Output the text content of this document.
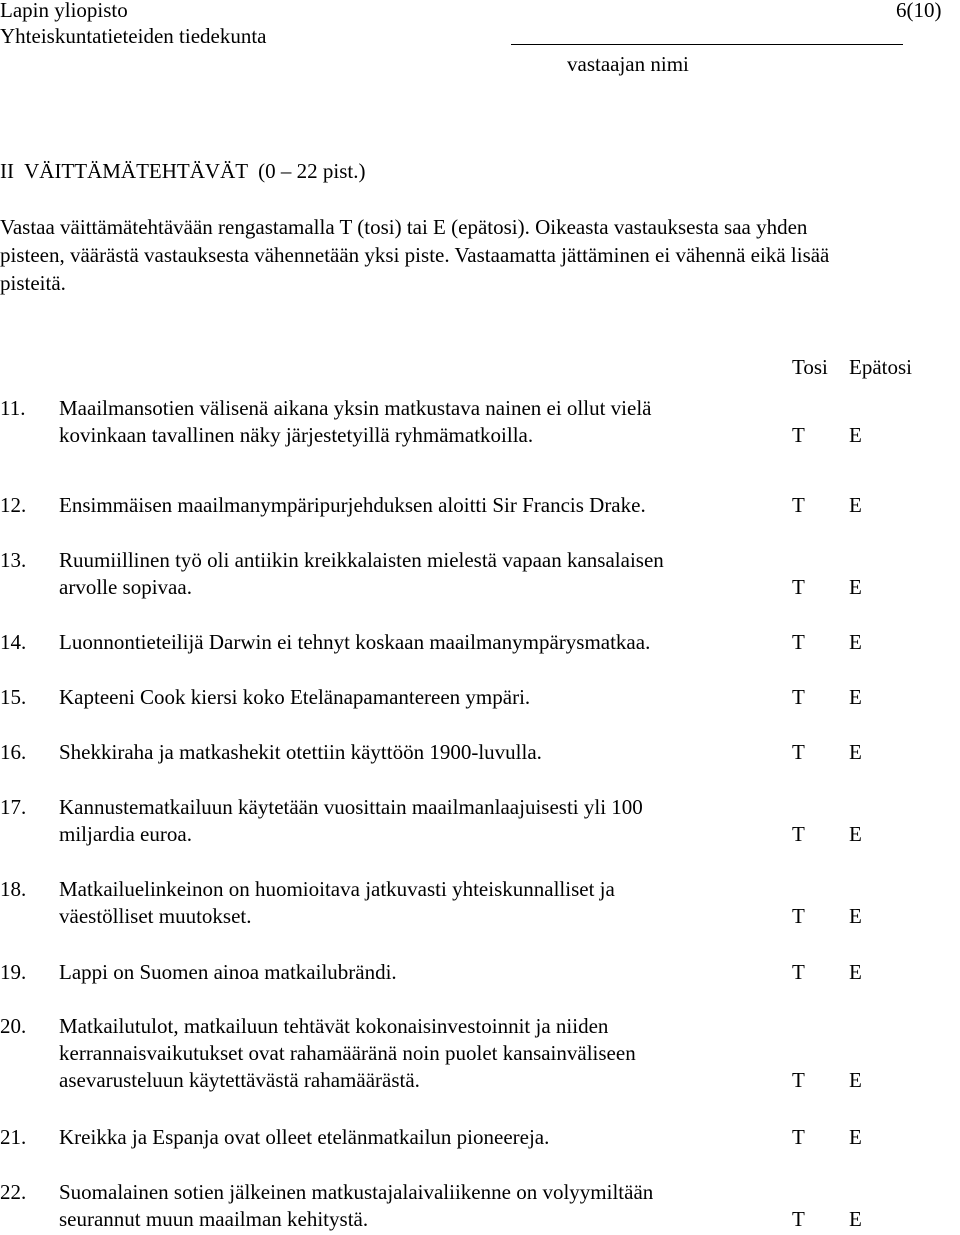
Lapin yliopisto
Yhteiskuntatieteiden tiedekunta
6(10)
vastaajan nimi
II  VÄITTÄMÄTEHTÄVÄT  (0 – 22 pist.)
Vastaa väittämätehtävään rengastamalla T (tosi) tai E (epätosi). Oikeasta vastauksesta saa yhden
pisteen, väärästä vastauksesta vähennetään yksi piste. Vastaamatta jättäminen ei vähennä eikä lisää
pisteitä.
Tosi Epätosi
11. Maailmansotien välisenä aikana yksin matkustava nainen ei ollut vielä
kovinkaan tavallinen näky järjestetyillä ryhmämatkoilla.	T E
12. Ensimmäisen maailmanympäripurjehduksen aloitti Sir Francis Drake.	T E
13. Ruumiillinen työ oli antiikin kreikkalaisten mielestä vapaan kansalaisen
arvolle sopivaa.	T E
14. Luonnontieteilijä Darwin ei tehnyt koskaan maailmanympärysmatkaa.	T E
15. Kapteeni Cook kiersi koko Etelänapamantereen ympäri.	T E
16. Shekkiraha ja matkashekit otettiin käyttöön 1900-luvulla.	T E
17. Kannustematkailuun käytetään vuosittain maailmanlaajuisesti yli 100
miljardia euroa.	T E
18. Matkailuelinkeinon on huomioitava jatkuvasti yhteiskunnalliset ja
väestölliset muutokset.	T E
19. Lappi on Suomen ainoa matkailubrändi.	T E
20. Matkailutulot, matkailuun tehtävät kokonaisinvestoinnit ja niiden
kerrannaisvaikutukset ovat rahamääränä noin puolet kansainväliseen
asevarusteluun käytettävästä rahamäärästä.	T E
21. Kreikka ja Espanja ovat olleet etelänmatkailun pioneereja.	T E
22. Suomalainen sotien jälkeinen matkustajalaivaliikenne on volyymiltään
seurannut muun maailman kehitystä.	T E
